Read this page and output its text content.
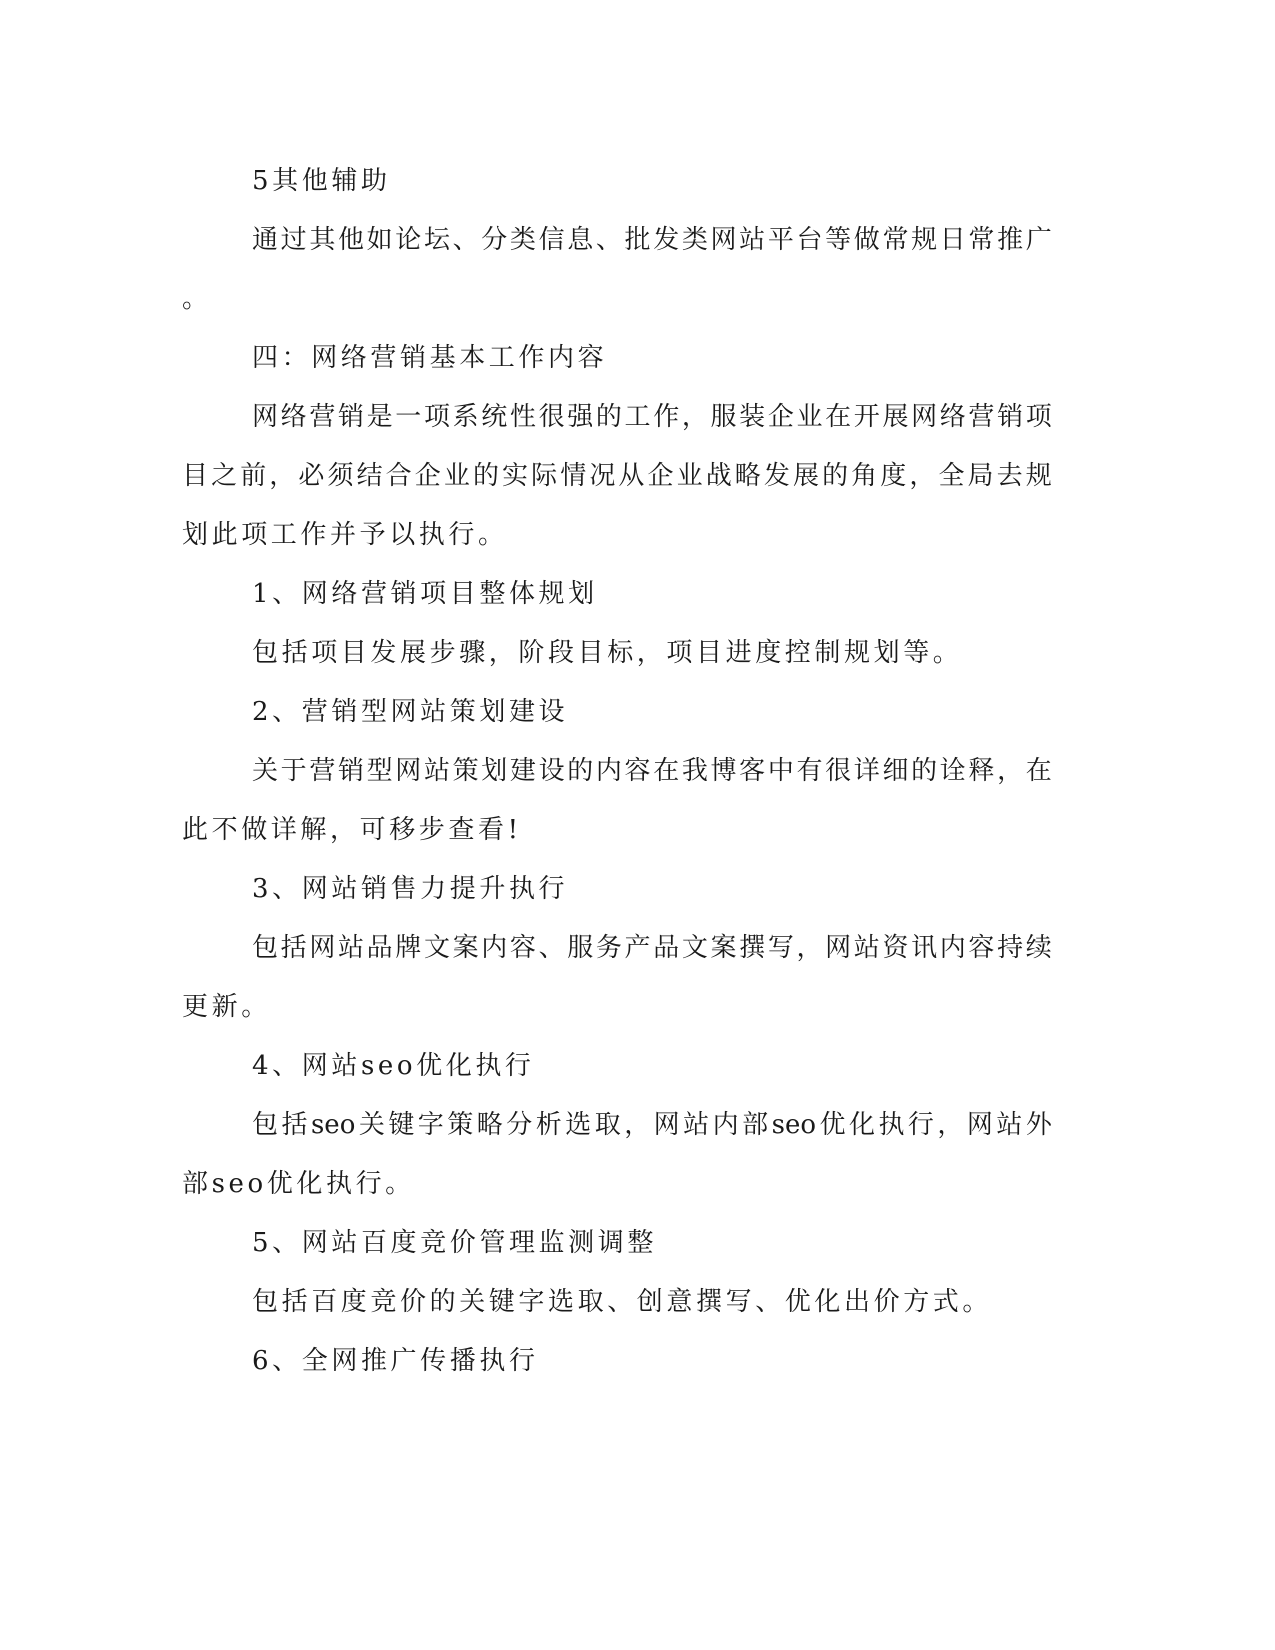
5其他辅助
通 过 其 他 如 论 坛 、 分 类 信 息 、 批 发 类 网 站 平 台 等 做 常 规 日 常 推 广
。
四：网络营销基本工作内容
网 络 营 销 是 一 项 系 统 性 很 强 的 工 作 ， 服 装 企 业 在 开 展 网 络 营 销 项
目 之 前 ， 必 须 结 合 企 业 的 实 际 情 况 从 企 业 战 略 发 展 的 角 度 ， 全 局 去 规
划此项工作并予以执行。
1、网络营销项目整体规划
包括项目发展步骤，阶段目标，项目进度控制规划等。
2、营销型网站策划建设
关 于 营 销 型 网 站 策 划 建 设 的 内 容 在 我 博 客 中 有 很 详 细 的 诠 释 ， 在
此不做详解，可移步查看!
3、网站销售力提升执行
包 括 网 站 品 牌 文 案 内 容 、 服 务 产 品 文 案 撰 写 ， 网 站 资 讯 内 容 持 续
更新。
4、网站seo优化执行
包 括 seo 关 键 字 策 略 分 析 选 取 ， 网 站 内 部 seo 优 化 执 行 ， 网 站 外
部seo优化执行。
5、网站百度竞价管理监测调整
包括百度竞价的关键字选取、创意撰写、优化出价方式。
6、全网推广传播执行
